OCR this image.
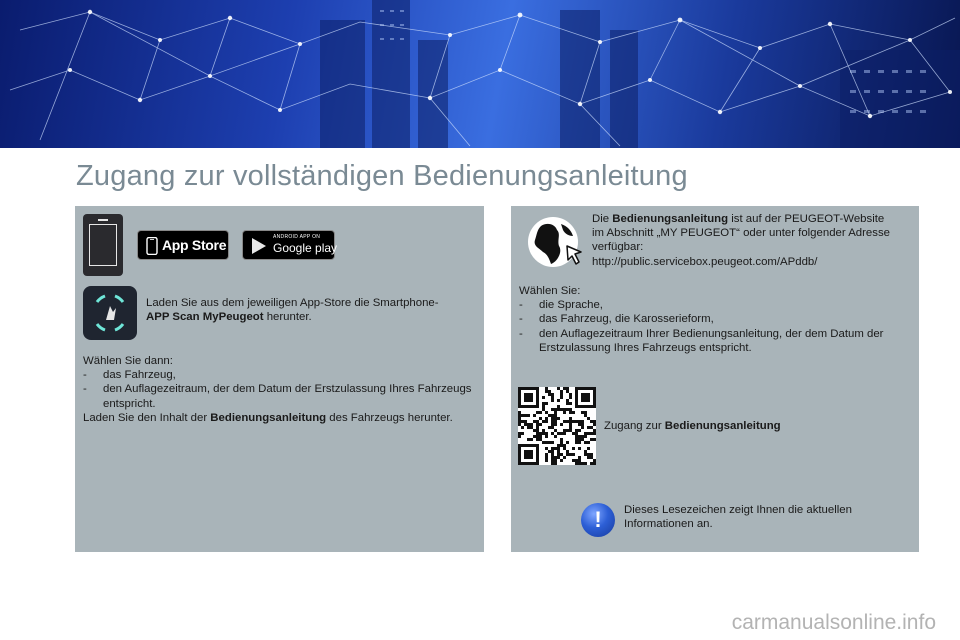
Zugang zur vollständigen Bedienungsanleitung
App Store	ANDROID APP ON
Google play
Laden Sie aus dem jeweiligen App-Store die Smartphone-APP Scan MyPeugeot herunter.
Wählen Sie dann:
- das Fahrzeug,
- den Auflagezeitraum, der dem Datum der Erstzulassung Ihres Fahrzeugs entspricht.
Laden Sie den Inhalt der Bedienungsanleitung des Fahrzeugs herunter.
Die Bedienungsanleitung ist auf der PEUGEOT-Website im Abschnitt „MY PEUGEOT“ oder unter folgender Adresse verfügbar:
http://public.servicebox.peugeot.com/APddb/
Wählen Sie:
- die Sprache,
- das Fahrzeug, die Karosserieform,
- den Auflagezeitraum Ihrer Bedienungsanleitung, der dem Datum der Erstzulassung Ihres Fahrzeugs entspricht.
Zugang zur Bedienungsanleitung
!	Dieses Lesezeichen zeigt Ihnen die aktuellen Informationen an.
carmanualsonline.info
